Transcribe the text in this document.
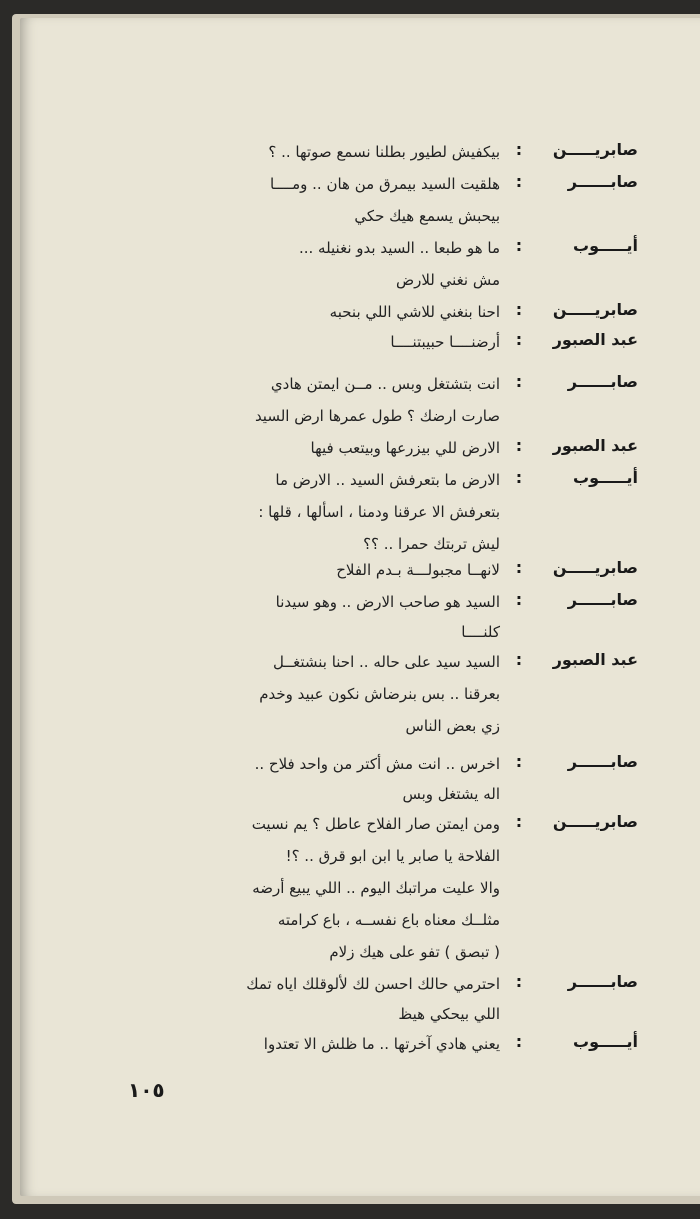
صابريـــــن
:
بيكفيش لطيور بطلنا نسمع صوتها .. ؟
صابــــــر
:
هلقيت السيد بيمرق من هان .. ومــــا
بيحبش يسمع هيك حكي
أيـــــوب
:
ما هو طبعا .. السيد بدو نغنيله ...
مش نغني للارض
صابريـــــن
:
احنا بنغني للاشي اللي بنحبه
عبد الصبور
:
أرضنــــا حبيبتنــــا
صابــــــر
:
انت بتشتغل وبس .. مــن ايمتن هادي
صارت ارضك ؟ طول عمرها ارض السيد
عبد الصبور
:
الارض للي بيزرعها وبيتعب فيها
أيـــــوب
:
الارض ما بتعرفش السيد .. الارض ما
بتعرفش الا عرقنا ودمنا ، اسألها ، قلها :
ليش تربتك حمرا .. ؟؟
صابريـــــن
:
لانهــا مجبولـــة بـدم الفلاح
صابــــــر
:
السيد هو صاحب الارض .. وهو سيدنا
كلنــــا
عبد الصبور
:
السيد سيد على حاله .. احنا بنشتغــل
بعرقنا .. بس بنرضاش نكون عبيد وخدم
زي بعض الناس
صابــــــر
:
اخرس .. انت مش أكتر من واحد فلاح ..
اله يشتغل وبس
صابريـــــن
:
ومن ايمتن صار الفلاح عاطل ؟ يم نسيت
الفلاحة يا صابر يا ابن ابو قرق .. ؟!
والا عليت مراتبك اليوم .. اللي يبيع أرضه
مثلــك معناه باع نفســه ، باع كرامته
( تبصق ) تفو على هيك زلام
صابــــــر
:
احترمي حالك احسن لك لألوقلك اياه تمك
اللي بيحكي هيظ
أيـــــوب
:
يعني هادي آخرتها .. ما ظلش الا تعتدوا
١٠٥
